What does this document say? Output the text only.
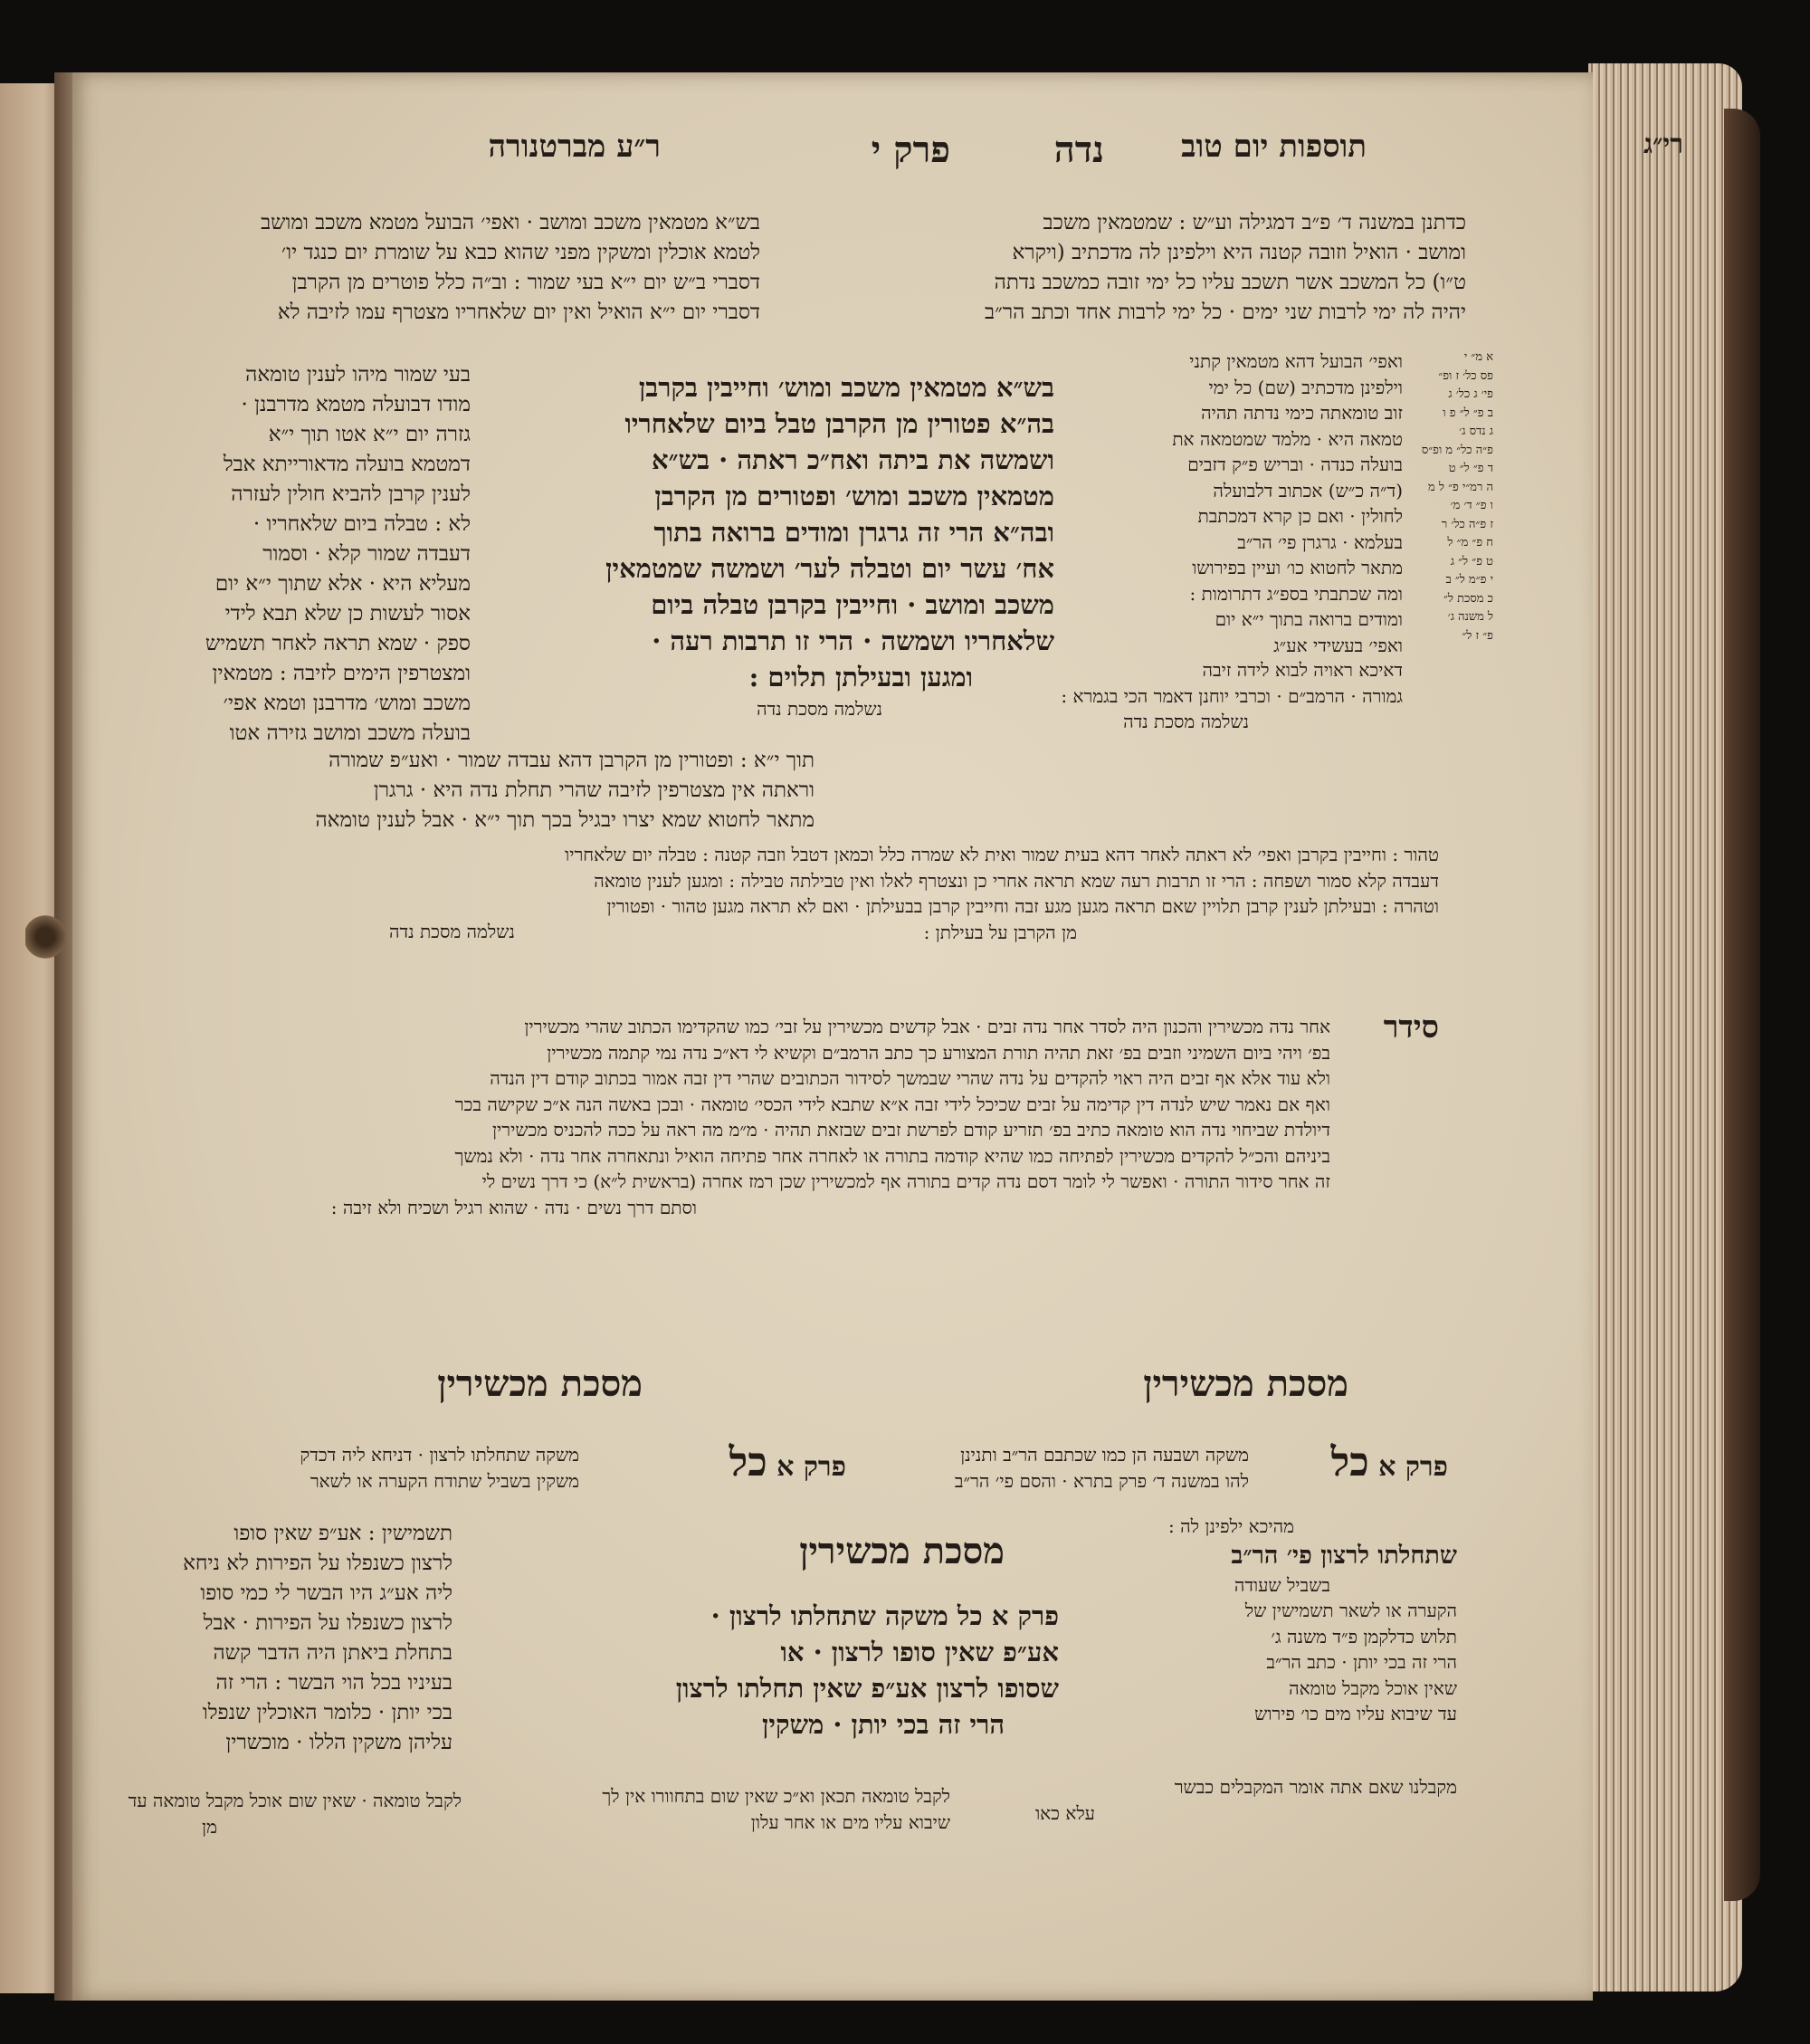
רי״ג
תוספות יום טוב
נדה
פרק י
ר״ע מברטנורה
כדתנן במשנה ד׳ פ״ב דמגילה וע״ש : שמטמאין משכב
ומושב · הואיל וזובה קטנה היא וילפינן לה מדכתיב (ויקרא
ט״ו) כל המשכב אשר תשכב עליו כל ימי זובה כמשכב נדתה
יהיה לה ימי לרבות שני ימים · כל ימי לרבות אחד וכתב הר״ב
בש״א מטמאין משכב ומושב · ואפי׳ הבועל מטמא משכב ומושב
לטמא אוכלין ומשקין מפני שהוא כבא על שומרת יום כנגד יו׳
דסברי ב״ש יום י״א בעי שמור : וב״ה כלל פוטרים מן הקרבן
דסברי יום י״א הואיל ואין יום שלאחריו מצטרף עמו לזיבה לא
ואפי׳ הבועל דהא מטמאין קתני
וילפינן מדכתיב (שם) כל ימי
זוב טומאתה כימי נדתה תהיה
טמאה היא · מלמד שמטמאה את
בועלה כנדה · ובריש פ״ק דזבים
(ד״ה כ״ש) אכתוב דלבועלה
לחולין · ואם כן קרא דמכתבת
בעלמא · גרגרן פי׳ הר״ב
מתאר לחטוא כו׳ ועיין בפירושו
ומה שכתבתי בספ״ג דתרומות :
ומודים ברואה בתוך י״א יום
ואפי׳ בעשידי אע״ג
דאיכא ראויה לבוא לידה זיבה
גמורה · הרמב״ם · וכרבי יוחנן דאמר הכי בגמרא :
נשלמה מסכת נדה
א מ״ י
פס כל׳ ז ופ״
פי׳ ג כל׳ ג
ב פ״ ל״ פ ו
ג נדס ג׳
פ״ה כל״ מ ופ״ס
ד פ״ ל״ ט
ה רמ״י פ״ ל מ
ו פ״ ד׳ מ׳
ז פ״ה כל׳ ר
ח פ״ מ״ ל
ט פ״ ל״ ג
י פ״מ ל״ ב
כ מסכת ל״
ל משנה ג׳
פ״ ז ל״
בש״א מטמאין משכב ומוש׳ וחייבין בקרבן
בה״א פטורין מן הקרבן טבל ביום שלאחריו
ושמשה את ביתה ואח״כ ראתה · בש״א
מטמאין משכב ומוש׳ ופטורים מן הקרבן
ובה״א הרי זה גרגרן ומודים ברואה בתוך
אח׳ עשר יום וטבלה לער׳ ושמשה שמטמאין
משכב ומושב · וחייבין בקרבן טבלה ביום
שלאחריו ושמשה · הרי זו תרבות רעה ·
ומגען ובעילתן תלוים :
נשלמה מסכת נדה
בעי שמור מיהו לענין טומאה
מודו דבועלה מטמא מדרבנן ·
גזרה יום י״א אטו תוך י״א
דמטמא בועלה מדאורייתא אבל
לענין קרבן להביא חולין לעזרה
לא : טבלה ביום שלאחריו ·
דעבדה שמור קלא · וסמור
מעליא היא · אלא שתוך י״א יום
אסור לעשות כן שלא תבא לידי
ספק · שמא תראה לאחר תשמיש
ומצטרפין הימים לזיבה : מטמאין
משכב ומוש׳ מדרבנן וטמא אפי׳
בועלה משכב ומושב גזירה אטו
תוך י״א : ופטורין מן הקרבן דהא עבדה שמור · ואע״פ שמורה
וראתה אין מצטרפין לזיבה שהרי תחלת נדה היא · גרגרן
מתאר לחטוא שמא יצרו יבגיל בכך תוך י״א · אבל לענין טומאה
טהור : וחייבין בקרבן ואפי׳ לא ראתה לאחר דהא בעית שמור ואית לא שמרה כלל וכמאן דטבל וזבה קטנה : טבלה יום שלאחריו
דעבדה קלא סמור ושפחה : הרי זו תרבות רעה שמא תראה אחרי כן ונצטרף לאלו ואין טבילתה טבילה : ומגען לענין טומאה
וטהרה : ובעילתן לענין קרבן תלויין שאם תראה מגען מגע זבה וחייבין קרבן בבעילתן · ואם לא תראה מגען טהור · ופטורין
מן הקרבן על בעילתן :
נשלמה מסכת נדה
סידר
אחר נדה מכשירין והכנון היה לסדר אחר נדה זבים · אבל קדשים מכשירין על זבי׳ כמו שהקדימו הכתוב שהרי מכשירין
בפ׳ ויהי ביום השמיני וזבים בפ׳ זאת תהיה תורת המצורע כך כתב הרמב״ם וקשיא לי דא״כ נדה נמי קתמה מכשירין
ולא עוד אלא אף זבים היה ראוי להקדים על נדה שהרי שבמשך לסידור הכתובים שהרי דין זבה אמור בכתוב קודם דין הנדה
ואף אם נאמר שיש לנדה דין קדימה על זבים שכיכל לידי זבה א״א שתבא לידי הכסי׳ טומאה · ובכן באשה הנה א״כ שקישה בכר
דיולדת שביחוי נדה הוא טומאה כתיב בפ׳ תזריע קודם לפרשת זבים שבזאת תהיה · מ״מ מה ראה על ככה להכניס מכשירין
ביניהם והכ״ל להקדים מכשירין לפתיחה כמו שהיא קודמה בתורה או לאחרה אחר פתיחה הואיל ונתאחרה אחר נדה · ולא נמשך
זה אחר סידור התורה · ואפשר לי לומר דסם נדה קדים בתורה אף למכשירין שכן רמז אחרה (בראשית ל״א) כי דרך נשים לי
וסתם דרך נשים · נדה · שהוא רגיל ושכיח ולא זיבה :
מסכת מכשירין
מסכת מכשירין
מסכת מכשירין
פרק א כל
פרק א כל	משקה ושבעה הן כמו שכתבם הר״ב ותנינן
להו במשנה ד׳ פרק בתרא · והסם פי׳ הר״ב
מהיכא ילפינן לה :
שתחלתו לרצון פי׳ הר״ב
בשביל שעודה
הקערה או לשאר תשמישין של
תלוש כדלקמן פ״ד משנה ג׳
הרי זה בכי יותן · כתב הר״ב
שאין אוכל מקבל טומאה
עד שיבוא עליו מים כו׳ פירוש
מקבלנו שאם אתה אומר המקבלים כבשר
עלא כאו
פרק א כל משקה שתחלתו לרצון ·
אע״פ שאין סופו לרצון · או
שסופו לרצון אע״פ שאין תחלתו לרצון
הרי זה בכי יותן · משקין
לקבל טומאה תכאן וא״כ שאין שום בתחוורו אין לך
שיבוא עליו מים או אחר עלון
משקה שתחלתו לרצון · דניחא ליה דכדק
משקין בשביל שתודח הקערה או לשאר
תשמישין : אע״פ שאין סופו
לרצון כשנפלו על הפירות לא ניחא
ליה אע״ג היו הבשר לי כמי סופו
לרצון כשנפלו על הפירות · אבל
בתחלת ביאתן היה הדבר קשה
בעיניו בכל הוי הבשר : הרי זה
בכי יותן · כלומר האוכלין שנפלו
עליהן משקין הללו · מוכשרין
לקבל טומאה · שאין שום אוכל מקבל טומאה עד
מן
